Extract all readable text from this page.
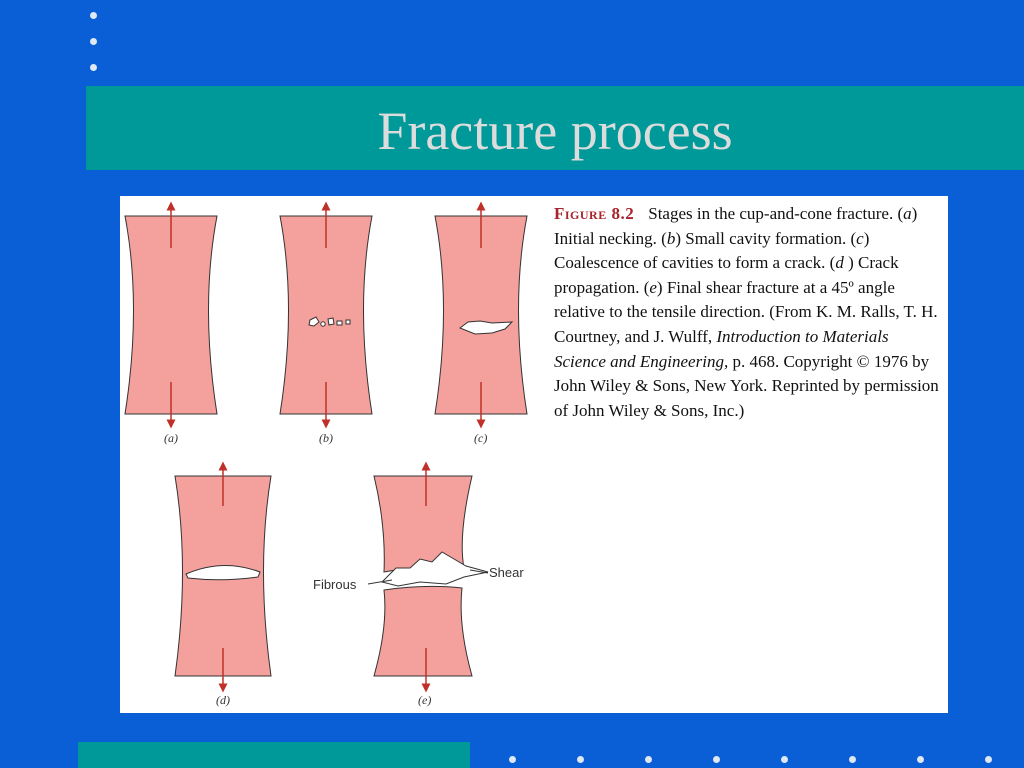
Fracture process
(a)	(b)	(c)
(d)
Fibrous
Shear
(e)
Figure 8.2 Stages in the cup-and-cone fracture. (a) Initial necking. (b) Small cavity formation. (c) Coalescence of cavities to form a crack. (d ) Crack propagation. (e) Final shear fracture at a 45º angle relative to the tensile direction. (From K. M. Ralls, T. H. Courtney, and J. Wulff, Introduction to Materials Science and Engineering, p. 468. Copyright © 1976 by John Wiley & Sons, New York. Reprinted by permission of John Wiley & Sons, Inc.)
